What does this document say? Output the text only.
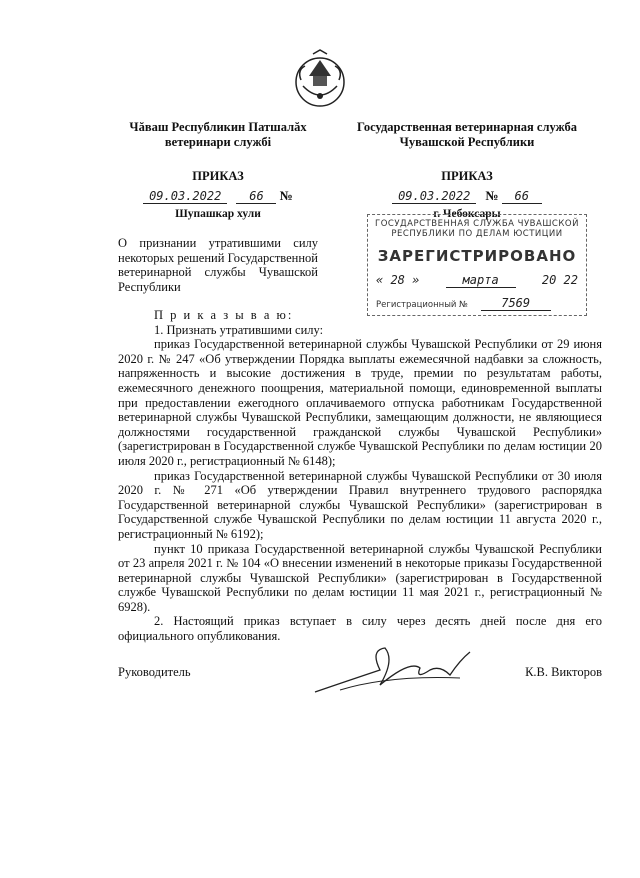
Чăваш Республикин Патшалăх ветеринари службi
Государственная ветеринарная служба Чувашской Республики
ПРИКАЗ
09.03.2022 66 №
Шупашкар хули
ПРИКАЗ
09.03.2022 № 66
г. Чебоксары
О признании утратившими силу некоторых решений Государственной ветеринарной службы Чувашской Республики
ГОСУДАРСТВЕННАЯ СЛУЖБА ЧУВАШСКОЙ РЕСПУБЛИКИ ПО ДЕЛАМ ЮСТИЦИИ
ЗАРЕГИСТРИРОВАНО
« 28 »	марта	20 22
Регистрационный №	7569

П р и к а з ы в а ю:

1. Признать утратившими силу:

приказ Государственной ветеринарной службы Чувашской Республики от 29 июня 2020 г. № 247 «Об утверждении Порядка выплаты ежемесячной надбавки за сложность, напряженность и высокие достижения в труде, премии по результатам работы, ежемесячного денежного поощрения, материальной помощи, единовременной выплаты при предоставлении ежегодного оплачиваемого отпуска работникам Государственной ветеринарной службы Чувашской Республики, замещающим должности, не являющиеся должностями государственной гражданской службы Чувашской Республики» (зарегистрирован в Государственной службе Чувашской Республики по делам юстиции 20 июля 2020 г., регистрационный № 6148);

приказ Государственной ветеринарной службы Чувашской Республики от 30 июля 2020 г. № 271 «Об утверждении Правил внутреннего трудового распорядка Государственной ветеринарной службы Чувашской Республики» (зарегистрирован в Государственной службе Чувашской Республики по делам юстиции 11 августа 2020 г., регистрационный № 6192);

пункт 10 приказа Государственной ветеринарной службы Чувашской Республики от 23 апреля 2021 г. № 104 «О внесении изменений в некоторые приказы Государственной ветеринарной службы Чувашской Республики» (зарегистрирован в Государственной службе Чувашской Республики по делам юстиции 11 мая 2021 г., регистрационный № 6928).

2. Настоящий приказ вступает в силу через десять дней после дня его официального опубликования.

Руководитель	К.В. Викторов
